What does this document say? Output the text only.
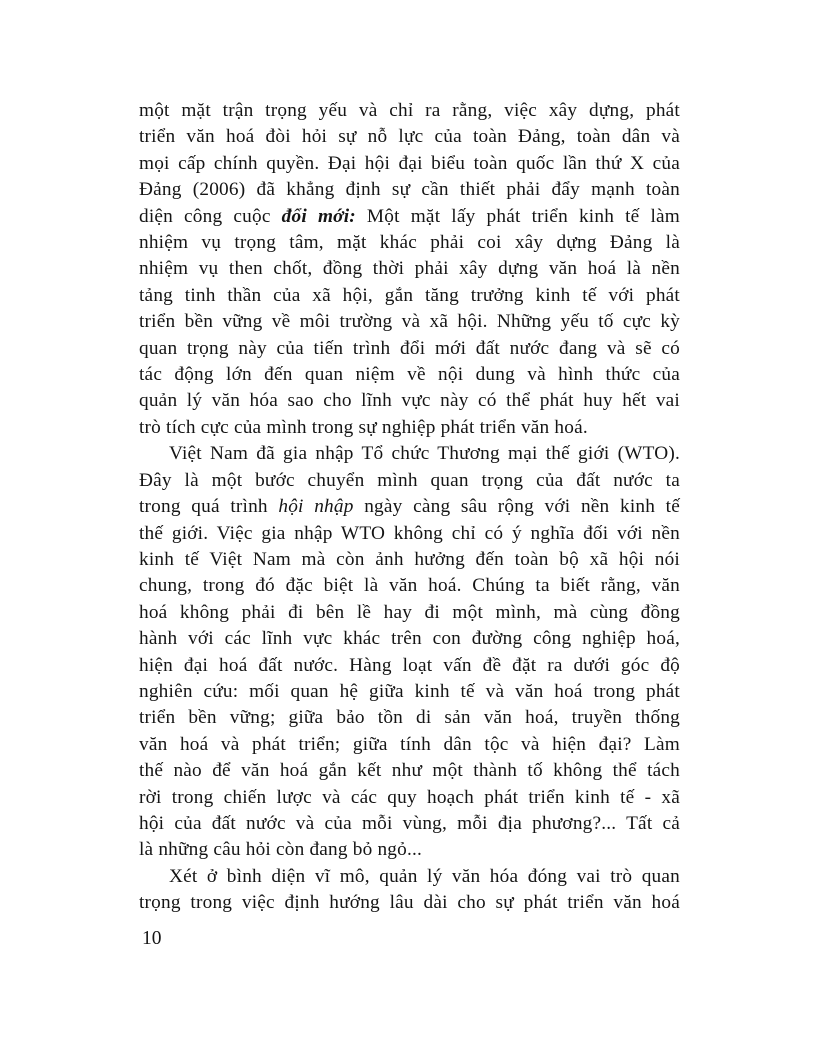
một mặt trận trọng yếu và chỉ ra rằng, việc xây dựng, phát
triển văn hoá đòi hỏi sự nỗ lực của toàn Đảng, toàn dân và
mọi cấp chính quyền. Đại hội đại biểu toàn quốc lần thứ X của
Đảng (2006) đã khẳng định sự cần thiết phải đẩy mạnh toàn
diện công cuộc đổi mới: Một mặt lấy phát triển kinh tế làm
nhiệm vụ trọng tâm, mặt khác phải coi xây dựng Đảng là
nhiệm vụ then chốt, đồng thời phải xây dựng văn hoá là nền
tảng tinh thần của xã hội, gắn tăng trưởng kinh tế với phát
triển bền vững về môi trường và xã hội. Những yếu tố cực kỳ
quan trọng này của tiến trình đổi mới đất nước đang và sẽ có
tác động lớn đến quan niệm về nội dung và hình thức của
quản lý văn hóa sao cho lĩnh vực này có thể phát huy hết vai
trò tích cực của mình trong sự nghiệp phát triển văn hoá.
Việt Nam đã gia nhập Tổ chức Thương mại thế giới (WTO).
Đây là một bước chuyển mình quan trọng của đất nước ta
trong quá trình hội nhập ngày càng sâu rộng với nền kinh tế
thế giới. Việc gia nhập WTO không chỉ có ý nghĩa đối với nền
kinh tế Việt Nam mà còn ảnh hưởng đến toàn bộ xã hội nói
chung, trong đó đặc biệt là văn hoá. Chúng ta biết rằng, văn
hoá không phải đi bên lề hay đi một mình, mà cùng đồng
hành với các lĩnh vực khác trên con đường công nghiệp hoá,
hiện đại hoá đất nước. Hàng loạt vấn đề đặt ra dưới góc độ
nghiên cứu: mối quan hệ giữa kinh tế và văn hoá trong phát
triển bền vững; giữa bảo tồn di sản văn hoá, truyền thống
văn hoá và phát triển; giữa tính dân tộc và hiện đại? Làm
thế nào để văn hoá gắn kết như một thành tố không thể tách
rời trong chiến lược và các quy hoạch phát triển kinh tế - xã
hội của đất nước và của mỗi vùng, mỗi địa phương?... Tất cả
là những câu hỏi còn đang bỏ ngỏ...
Xét ở bình diện vĩ mô, quản lý văn hóa đóng vai trò quan
trọng trong việc định hướng lâu dài cho sự phát triển văn hoá
10
